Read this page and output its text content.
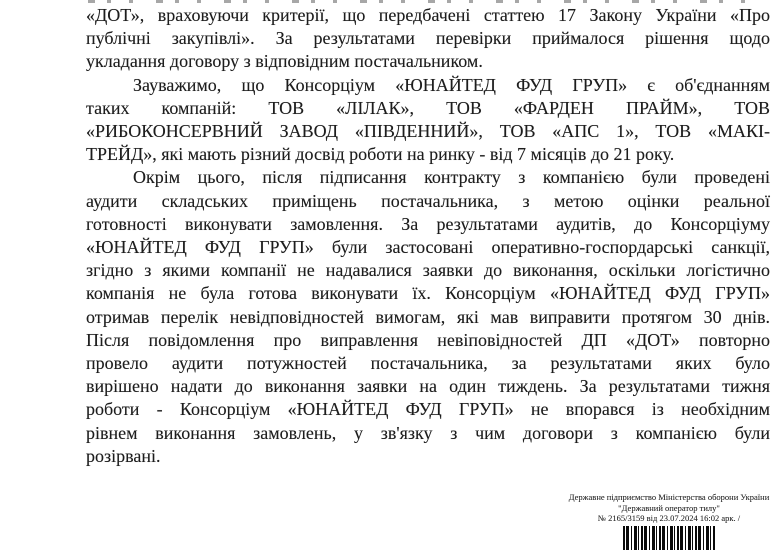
«ДОТ», враховуючи критерії, що передбачені статтею 17 Закону України «Про
публічні закупівлі». За результатами перевірки приймалося рішення щодо
укладання договору з відповідним постачальником.

Зауважимо, що Консорціум «ЮНАЙТЕД ФУД ГРУП» є об'єднанням
таких компаній: ТОВ «ЛІЛАК», ТОВ «ФАРДЕН ПРАЙМ», ТОВ
«РИБОКОНСЕРВНИЙ ЗАВОД «ПІВДЕННИЙ», ТОВ «АПС 1», ТОВ «МАКІ-
ТРЕЙД», які мають різний досвід роботи на ринку - від 7 місяців до 21 року.

Окрім цього, після підписання контракту з компанією були проведені
аудити складських приміщень постачальника, з метою оцінки реальної
готовності виконувати замовлення. За результатами аудитів, до Консорціуму
«ЮНАЙТЕД ФУД ГРУП» були застосовані оперативно-госпордарські санкції,
згідно з якими компанії не надавалися заявки до виконання, оскільки логістично
компанія не була готова виконувати їх. Консорціум «ЮНАЙТЕД ФУД ГРУП»
отримав перелік невідповідностей вимогам, які мав виправити протягом 30 днів.
Після повідомлення про виправлення невіповідностей ДП «ДОТ» повторно
провело аудити потужностей постачальника, за результатами яких було
вирішено надати до виконання заявки на один тиждень. За результатами тижня
роботи - Консорціум «ЮНАЙТЕД ФУД ГРУП» не впорався із необхідним
рівнем виконання замовлень, у зв'язку з чим договори з компанією були
розірвані.

Державне підприємство Міністерства оборони України
"Державний оператор тилу"
№ 2165/3159 від 23.07.2024 16:02 арк. /
